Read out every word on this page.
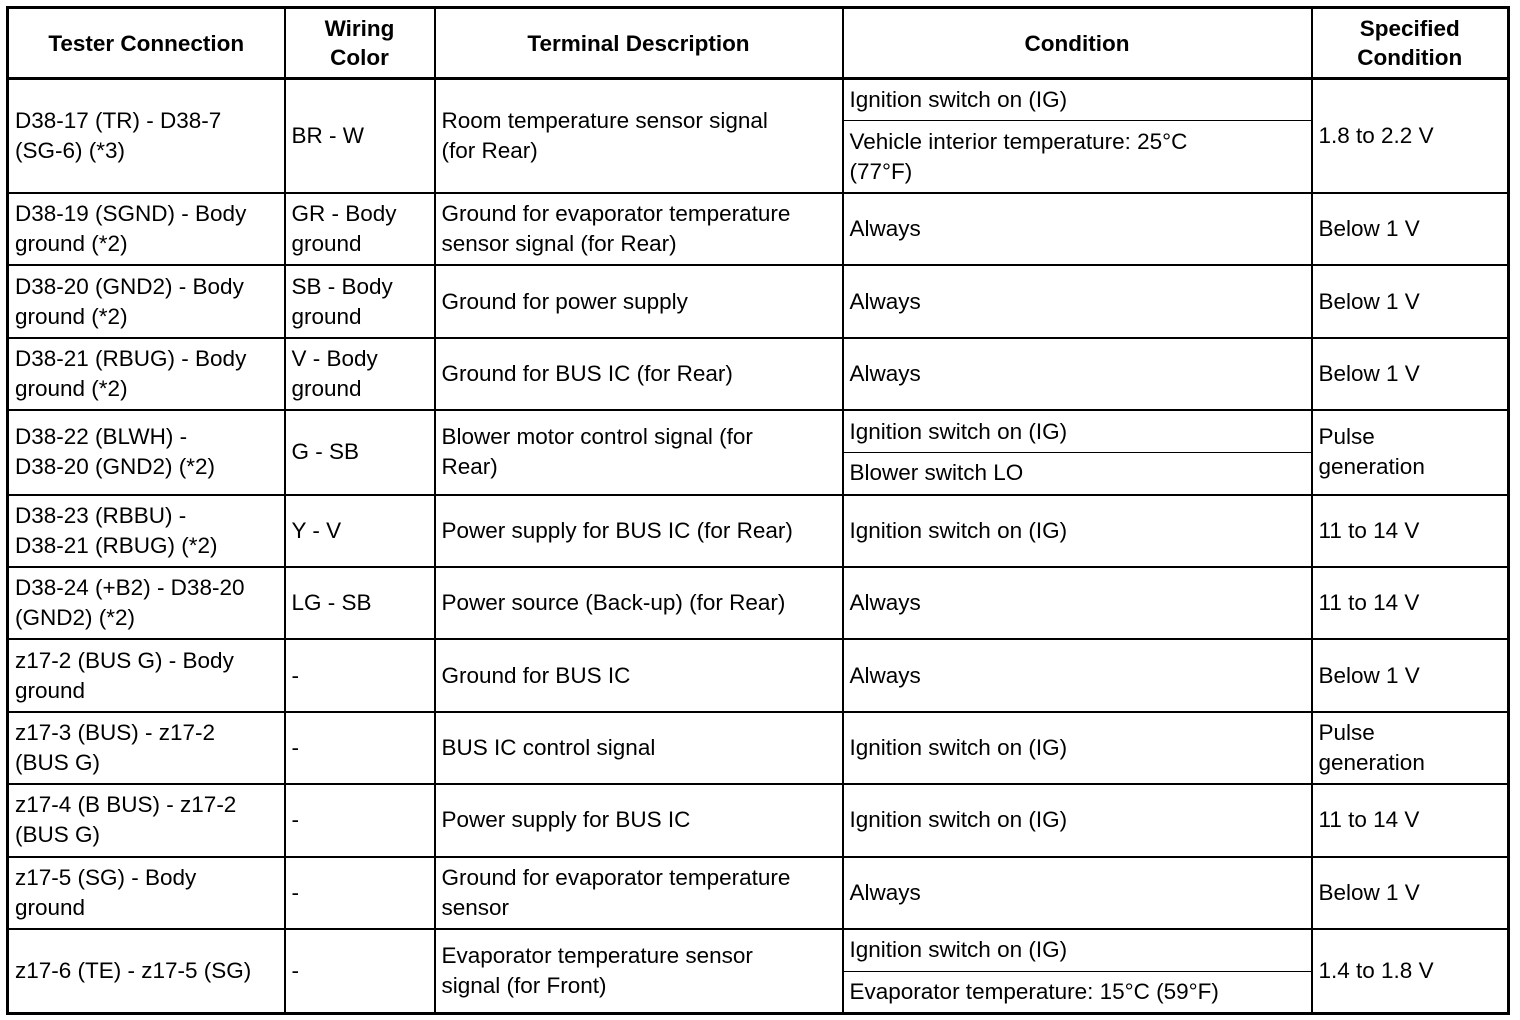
Tester Connection	Wiring
Color	Terminal Description	Condition	Specified
Condition
D38-17 (TR) - D38-7
(SG-6) (*3)	BR - W	Room temperature sensor signal
(for Rear)	Ignition switch on (IG)	1.8 to 2.2 V
			Vehicle interior temperature: 25°C
(77°F)	
D38-19 (SGND) - Body
ground (*2)	GR - Body
ground	Ground for evaporator temperature
sensor signal (for Rear)	Always	Below 1 V
D38-20 (GND2) - Body
ground (*2)	SB - Body
ground	Ground for power supply	Always	Below 1 V
D38-21 (RBUG) - Body
ground (*2)	V - Body
ground	Ground for BUS IC (for Rear)	Always	Below 1 V
D38-22 (BLWH) -
D38-20 (GND2) (*2)	G - SB	Blower motor control signal (for
Rear)	Ignition switch on (IG)	Pulse
generation
			Blower switch LO	
D38-23 (RBBU) -
D38-21 (RBUG) (*2)	Y - V	Power supply for BUS IC (for Rear)	Ignition switch on (IG)	11 to 14 V
D38-24 (+B2) - D38-20
(GND2) (*2)	LG - SB	Power source (Back-up) (for Rear)	Always	11 to 14 V
z17-2 (BUS G) - Body
ground	-	Ground for BUS IC	Always	Below 1 V
z17-3 (BUS) - z17-2
(BUS G)	-	BUS IC control signal	Ignition switch on (IG)	Pulse
generation
z17-4 (B BUS) - z17-2
(BUS G)	-	Power supply for BUS IC	Ignition switch on (IG)	11 to 14 V
z17-5 (SG) - Body
ground	-	Ground for evaporator temperature
sensor	Always	Below 1 V
z17-6 (TE) - z17-5 (SG)	-	Evaporator temperature sensor
signal (for Front)	Ignition switch on (IG)	1.4 to 1.8 V
			Evaporator temperature: 15°C (59°F)	
